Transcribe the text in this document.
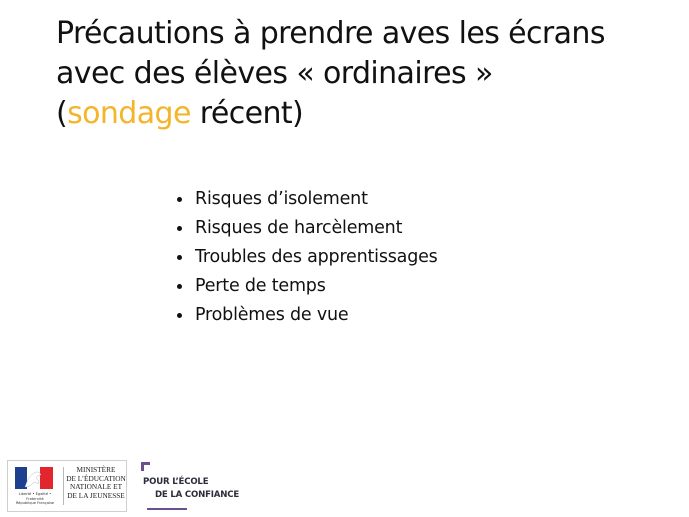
Précautions à prendre aves les écrans
avec des élèves « ordinaires »
(sondage récent)
Risques d’isolement
Risques de harcèlement
Troubles des apprentissages
Perte de temps
Problèmes de vue
Liberté • Égalité • Fraternité
République Française
MINISTÈRE
DE L’ÉDUCATION
NATIONALE ET
DE LA JEUNESSE
POUR L’ÉCOLE
DE LA CONFIANCE
